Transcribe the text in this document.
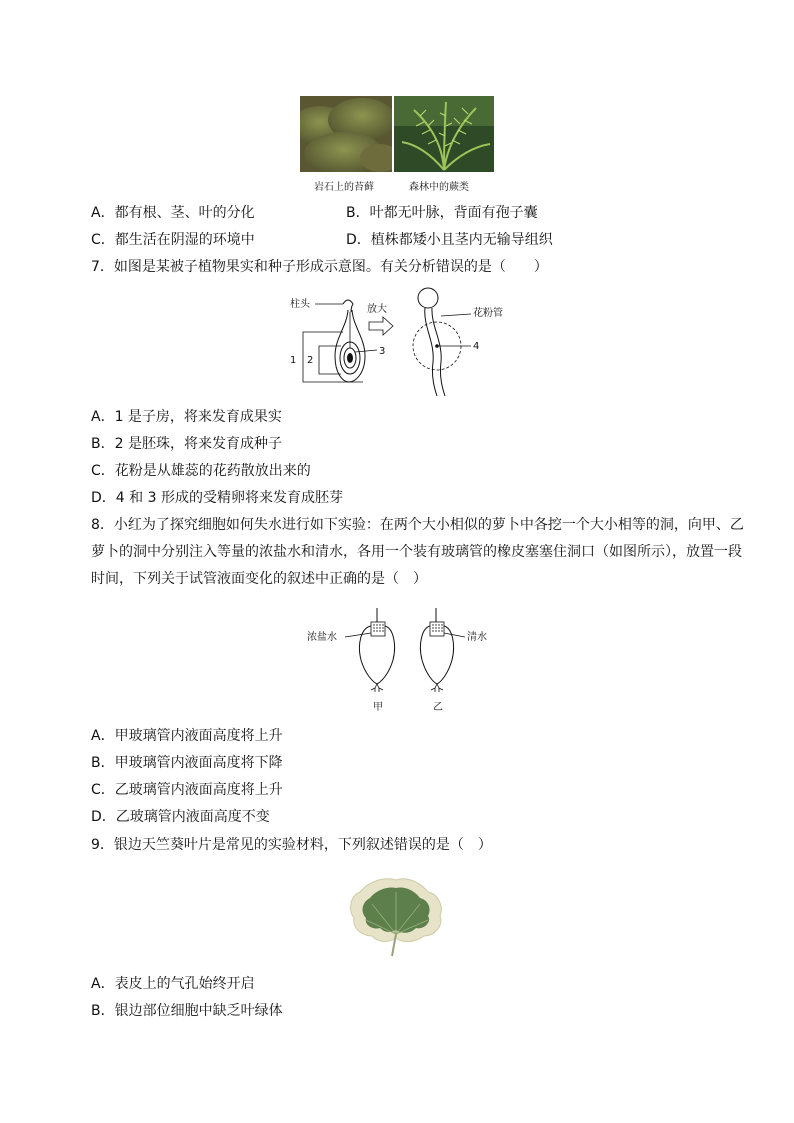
岩石上的苔藓	森林中的蕨类
A．都有根、茎、叶的分化	B．叶都无叶脉，背面有孢子囊
C．都生活在阴湿的环境中	D．植株都矮小且茎内无输导组织
7．如图是某被子植物果实和种子形成示意图。有关分析错误的是（　　）
柱头
1 2
3
放大
4
花粉管
A．1 是子房，将来发育成果实
B．2 是胚珠，将来发育成种子
C．花粉是从雄蕊的花药散放出来的
D．4 和 3 形成的受精卵将来发育成胚芽
8．小红为了探究细胞如何失水进行如下实验：在两个大小相似的萝卜中各挖一个大小相等的洞，向甲、乙
萝卜的洞中分别注入等量的浓盐水和清水，各用一个装有玻璃管的橡皮塞塞住洞口（如图所示），放置一段
时间，下列关于试管液面变化的叙述中正确的是（　）
浓盐水
甲
清水
乙
A．甲玻璃管内液面高度将上升
B．甲玻璃管内液面高度将下降
C．乙玻璃管内液面高度将上升
D．乙玻璃管内液面高度不变
9．银边天竺葵叶片是常见的实验材料，下列叙述错误的是（　）
A．表皮上的气孔始终开启
B．银边部位细胞中缺乏叶绿体
